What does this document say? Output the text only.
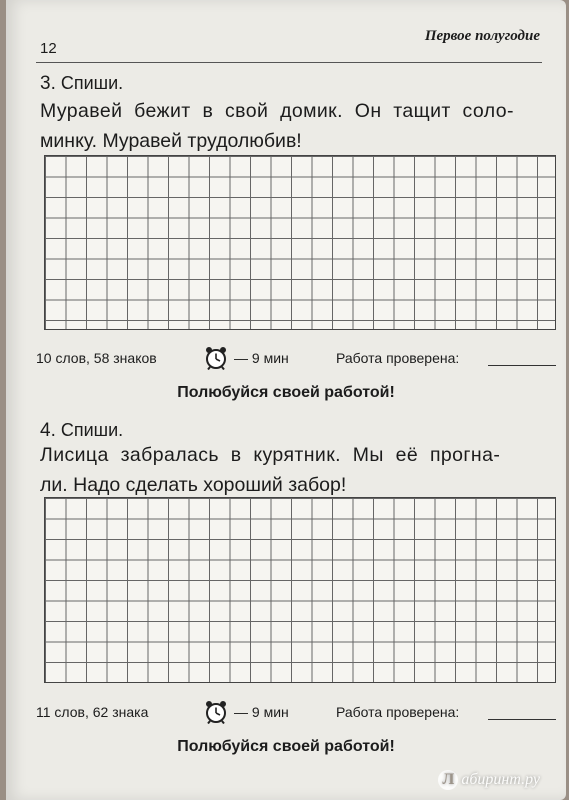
12
Первое полугодие
3. Спиши.

Муравей бежит в свой домик. Он тащит соло-
минку. Муравей трудолюбив!

10 слов, 58 знаков	— 9 мин	Работа проверена:
Полюбуйся своей работой!
4. Спиши.

Лисица забралась в курятник. Мы её прогна-
ли. Надо сделать хороший забор!

11 слов, 62 знака	— 9 мин	Работа проверена:
Полюбуйся своей работой!
Л абиринт.ру
